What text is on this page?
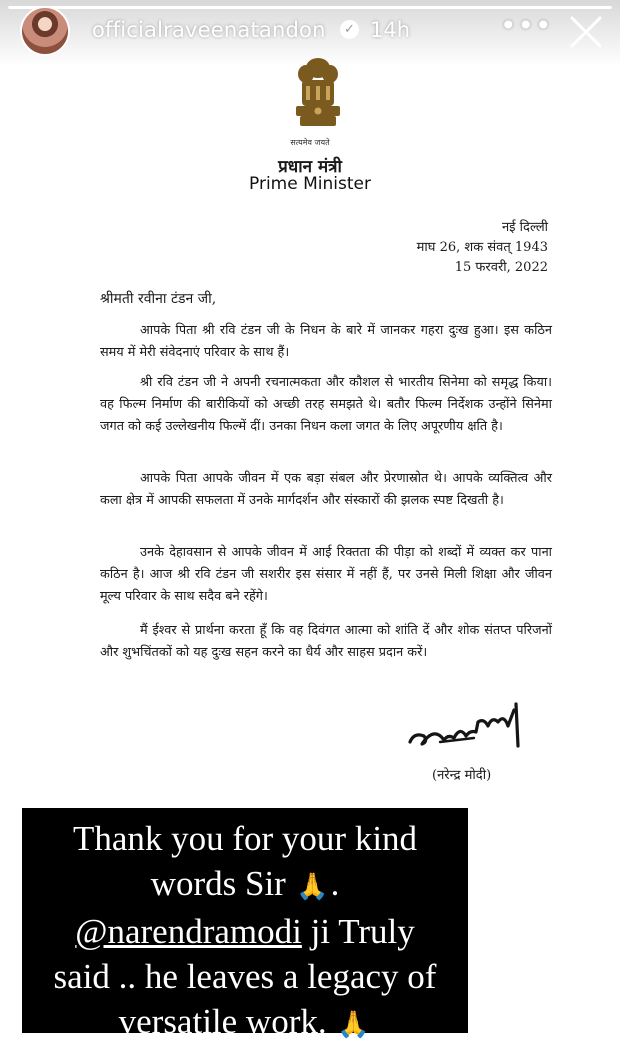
officialraveenatandon	✓ 14h	•••
सत्यमेव जयते
प्रधान मंत्री
Prime Minister
नई दिल्ली
माघ 26, शक संवत् 1943
15 फरवरी, 2022
श्रीमती रवीना टंडन जी,

आपके पिता श्री रवि टंडन जी के निधन के बारे में जानकर गहरा दुःख हुआ। इस कठिन समय में मेरी संवेदनाएं परिवार के साथ हैं।

श्री रवि टंडन जी ने अपनी रचनात्मकता और कौशल से भारतीय सिनेमा को समृद्ध किया। वह फिल्म निर्माण की बारीकियों को अच्छी तरह समझते थे। बतौर फिल्म निर्देशक उन्होंने सिनेमा जगत को कई उल्लेखनीय फिल्में दीं। उनका निधन कला जगत के लिए अपूरणीय क्षति है।

आपके पिता आपके जीवन में एक बड़ा संबल और प्रेरणास्रोत थे। आपके व्यक्तित्व और कला क्षेत्र में आपकी सफलता में उनके मार्गदर्शन और संस्कारों की झलक स्पष्ट दिखती है।

उनके देहावसान से आपके जीवन में आई रिक्तता की पीड़ा को शब्दों में व्यक्त कर पाना कठिन है। आज श्री रवि टंडन जी सशरीर इस संसार में नहीं हैं, पर उनसे मिली शिक्षा और जीवन मूल्य परिवार के साथ सदैव बने रहेंगे।

मैं ईश्वर से प्रार्थना करता हूँ कि वह दिवंगत आत्मा को शांति दें और शोक संतप्त परिजनों और शुभचिंतकों को यह दुःख सहन करने का धैर्य और साहस प्रदान करें।

(नरेन्द्र मोदी)
Thank you for your kind
words Sir 🙏.
@narendramodi ji Truly
said .. he leaves a legacy of
versatile work. 🙏
